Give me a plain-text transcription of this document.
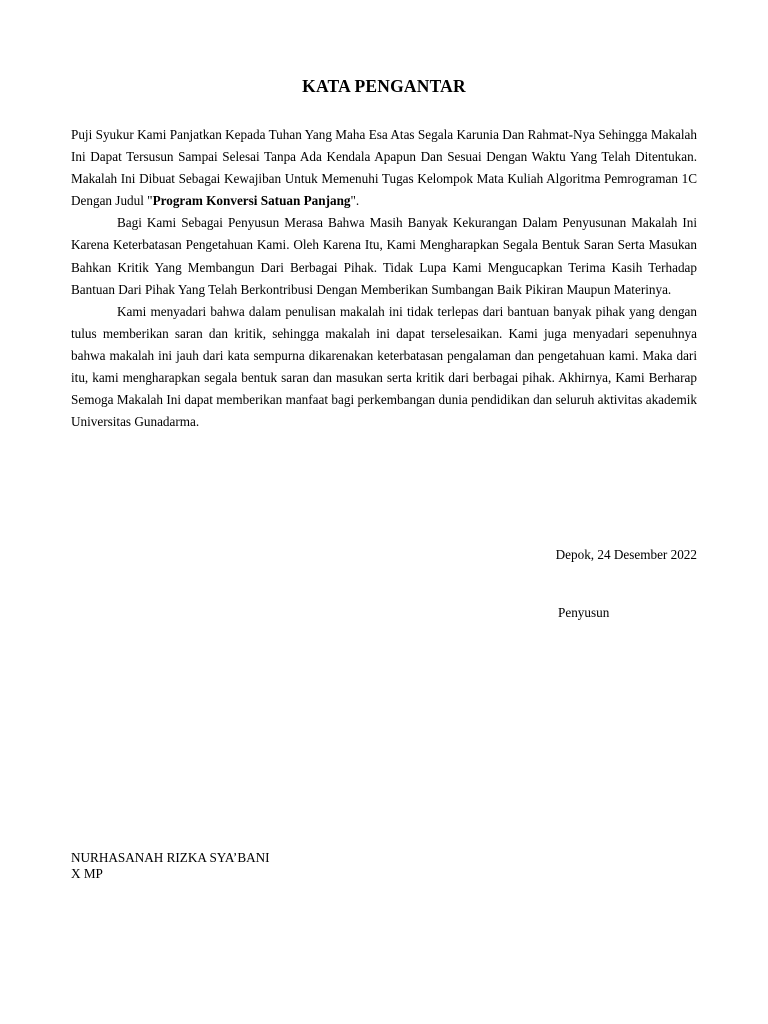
KATA PENGANTAR

Puji Syukur Kami Panjatkan Kepada Tuhan Yang Maha Esa Atas Segala Karunia Dan Rahmat-Nya Sehingga Makalah Ini Dapat Tersusun Sampai Selesai Tanpa Ada Kendala Apapun Dan Sesuai Dengan Waktu Yang Telah Ditentukan. Makalah Ini Dibuat Sebagai Kewajiban Untuk Memenuhi Tugas Kelompok Mata Kuliah Algoritma Pemrograman 1C Dengan Judul "Program Konversi Satuan Panjang".

Bagi Kami Sebagai Penyusun Merasa Bahwa Masih Banyak Kekurangan Dalam Penyusunan Makalah Ini Karena Keterbatasan Pengetahuan Kami. Oleh Karena Itu, Kami Mengharapkan Segala Bentuk Saran Serta Masukan Bahkan Kritik Yang Membangun Dari Berbagai Pihak. Tidak Lupa Kami Mengucapkan Terima Kasih Terhadap Bantuan Dari Pihak Yang Telah Berkontribusi Dengan Memberikan Sumbangan Baik Pikiran Maupun Materinya.

Kami menyadari bahwa dalam penulisan makalah ini tidak terlepas dari bantuan banyak pihak yang dengan tulus memberikan saran dan kritik, sehingga makalah ini dapat terselesaikan. Kami juga menyadari sepenuhnya bahwa makalah ini jauh dari kata sempurna dikarenakan keterbatasan pengalaman dan pengetahuan kami. Maka dari itu, kami mengharapkan segala bentuk saran dan masukan serta kritik dari berbagai pihak. Akhirnya, Kami Berharap Semoga Makalah Ini dapat memberikan manfaat bagi perkembangan dunia pendidikan dan seluruh aktivitas akademik Universitas Gunadarma.

Depok, 24 Desember 2022
Penyusun
NURHASANAH RIZKA SYA’BANI
X MP
